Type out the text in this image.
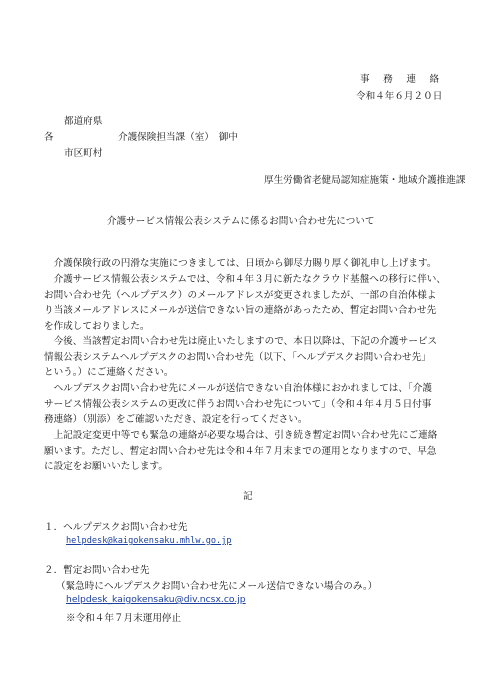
事　務　連　絡
令和４年６月２０日
都道府県
各	介護保険担当課（室）　御中
市区町村
厚生労働省老健局認知症施策・地域介護推進課
介護サービス情報公表システムに係るお問い合わせ先について
　介護保険行政の円滑な実施につきましては、日頃から御尽力賜り厚く御礼申し上げます。
　介護サービス情報公表システムでは、令和４年３月に新たなクラウド基盤への移行に伴い、
お問い合わせ先（ヘルプデスク）のメールアドレスが変更されましたが、一部の自治体様よ
り当該メールアドレスにメールが送信できない旨の連絡があったため、暫定お問い合わせ先
を作成しておりました。
　今後、当該暫定お問い合わせ先は廃止いたしますので、本日以降は、下記の介護サービス
情報公表システムヘルプデスクのお問い合わせ先（以下、「ヘルプデスクお問い合わせ先」
という。）にご連絡ください。
　ヘルプデスクお問い合わせ先にメールが送信できない自治体様におかれましては、「介護
サービス情報公表システムの更改に伴うお問い合わせ先について」（令和４年４月５日付事
務連絡）（別添）をご確認いただき、設定を行ってください。
　上記設定変更中等でも緊急の連絡が必要な場合は、引き続き暫定お問い合わせ先にご連絡
願います。ただし、暫定お問い合わせ先は令和４年７月末までの運用となりますので、早急
に設定をお願いいたします。
記
１．ヘルプデスクお問い合わせ先
helpdesk@kaigokensaku.mhlw.go.jp
２．暫定お問い合わせ先
（緊急時にヘルプデスクお問い合わせ先にメール送信できない場合のみ。）
helpdesk_kaigokensaku@div.ncsx.co.jp
※令和４年７月末運用停止
